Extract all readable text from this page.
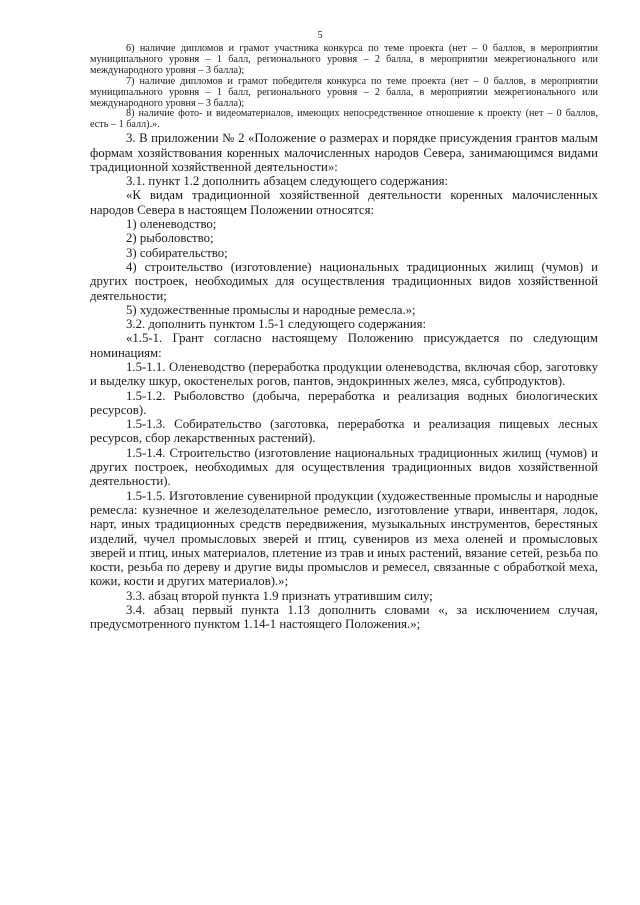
5

6) наличие дипломов и грамот участника конкурса по теме проекта (нет – 0 баллов, в мероприятии муниципального уровня – 1 балл, регионального уровня – 2 балла, в мероприятии межрегионального или международного уровня – 3 балла);

7) наличие дипломов и грамот победителя конкурса по теме проекта (нет – 0 баллов, в мероприятии муниципального уровня – 1 балл, регионального уровня – 2 балла, в мероприятии межрегионального или международного уровня – 3 балла);

8) наличие фото- и видеоматериалов, имеющих непосредственное отношение к проекту (нет – 0 баллов, есть – 1 балл).».

3. В приложении № 2 «Положение о размерах и порядке присуждения грантов малым формам хозяйствования коренных малочисленных народов Севера, занимающимся видами традиционной хозяйственной деятельности»:

3.1. пункт 1.2 дополнить абзацем следующего содержания:

«К видам традиционной хозяйственной деятельности коренных малочисленных народов Севера в настоящем Положении относятся:

1) оленеводство;

2) рыболовство;

3) собирательство;

4) строительство (изготовление) национальных традиционных жилищ (чумов) и других построек, необходимых для осуществления традиционных видов хозяйственной деятельности;

5) художественные промыслы и народные ремесла.»;

3.2. дополнить пунктом 1.5-1 следующего содержания:

«1.5-1. Грант согласно настоящему Положению присуждается по следующим номинациям:

1.5-1.1. Оленеводство (переработка продукции оленеводства, включая сбор, заготовку и выделку шкур, окостенелых рогов, пантов, эндокринных желез, мяса, субпродуктов).

1.5-1.2. Рыболовство (добыча, переработка и реализация водных биологических ресурсов).

1.5-1.3. Собирательство (заготовка, переработка и реализация пищевых лесных ресурсов, сбор лекарственных растений).

1.5-1.4. Строительство (изготовление национальных традиционных жилищ (чумов) и других построек, необходимых для осуществления традиционных видов хозяйственной деятельности).

1.5-1.5. Изготовление сувенирной продукции (художественные промыслы и народные ремесла: кузнечное и железоделательное ремесло, изготовление утвари, инвентаря, лодок, нарт, иных традиционных средств передвижения, музыкальных инструментов, берестяных изделий, чучел промысловых зверей и птиц, сувениров из меха оленей и промысловых зверей и птиц, иных материалов, плетение из трав и иных растений, вязание сетей, резьба по кости, резьба по дереву и другие виды промыслов и ремесел, связанные с обработкой меха, кожи, кости и других материалов).»;

3.3. абзац второй пункта 1.9 признать утратившим силу;

3.4. абзац первый пункта 1.13 дополнить словами «, за исключением случая, предусмотренного пунктом 1.14-1 настоящего Положения.»;
